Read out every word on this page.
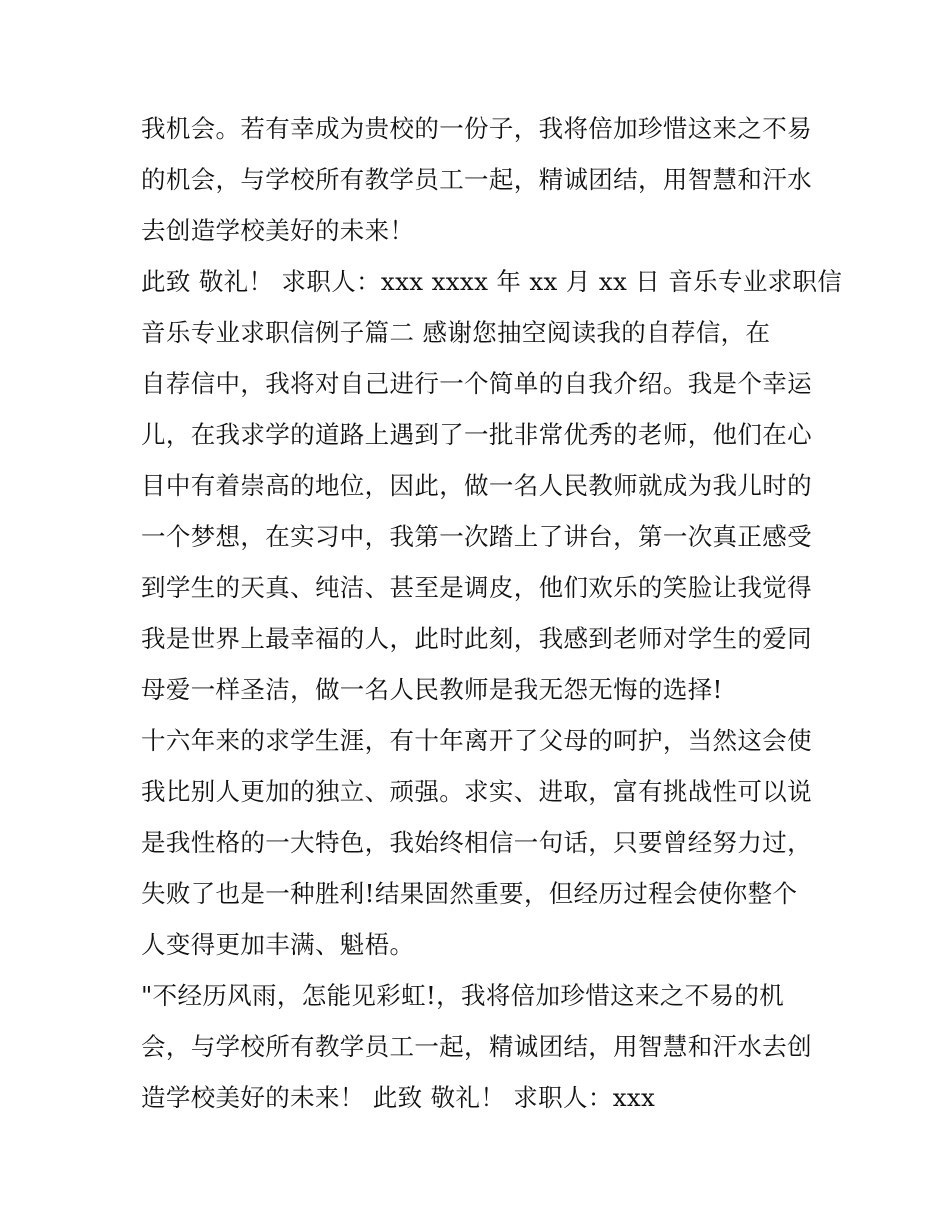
我机会。若有幸成为贵校的一份子，我将倍加珍惜这来之不易
的机会，与学校所有教学员工一起，精诚团结，用智慧和汗水
去创造学校美好的未来！
此致 敬礼！ 求职人：xxx xxxx 年 xx 月 xx 日 音乐专业求职信
音乐专业求职信例子篇二 感谢您抽空阅读我的自荐信，在
自荐信中，我将对自己进行一个简单的自我介绍。我是个幸运
儿，在我求学的道路上遇到了一批非常优秀的老师，他们在心
目中有着崇高的地位，因此，做一名人民教师就成为我儿时的
一个梦想，在实习中，我第一次踏上了讲台，第一次真正感受
到学生的天真、纯洁、甚至是调皮，他们欢乐的笑脸让我觉得
我是世界上最幸福的人，此时此刻，我感到老师对学生的爱同
母爱一样圣洁，做一名人民教师是我无怨无悔的选择!
十六年来的求学生涯，有十年离开了父母的呵护，当然这会使
我比别人更加的独立、顽强。求实、进取，富有挑战性可以说
是我性格的一大特色，我始终相信一句话，只要曾经努力过，
失败了也是一种胜利!结果固然重要，但经历过程会使你整个
人变得更加丰满、魁梧。
"不经历风雨，怎能见彩虹!，我将倍加珍惜这来之不易的机
会，与学校所有教学员工一起，精诚团结，用智慧和汗水去创
造学校美好的未来！ 此致 敬礼！ 求职人：xxx
